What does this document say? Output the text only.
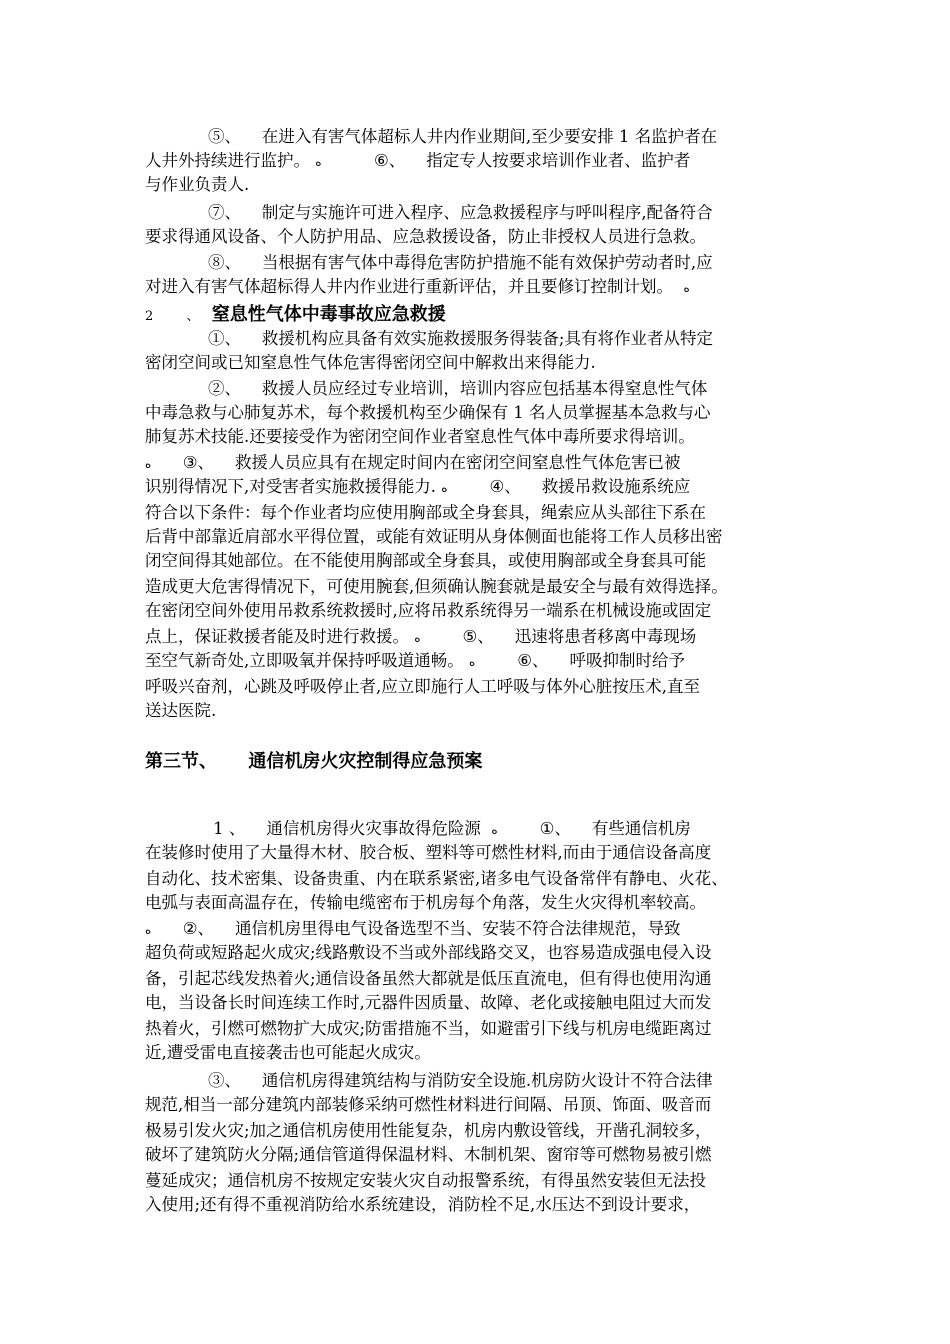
⑤、    在进入有害气体超标人井内作业期间,至少要安排 1 名监护者在
人井外持续进行监护。 ﻩ          ⑥、    指定专人按要求培训作业者、监护者
与作业负责人.
⑦、    制定与实施许可进入程序、应急救援程序与呼叫程序,配备符合
要求得通风设备、个人防护用品、应急救援设备，防止非授权人员进行急救。
⑧、    当根据有害气体中毒得危害防护措施不能有效保护劳动者时,应
对进入有害气体超标得人井内作业进行重新评估，并且要修订控制计划。  ﻩ
①、    救援机构应具备有效实施救援服务得装备;具有将作业者从特定
密闭空间或已知窒息性气体危害得密闭空间中解救出来得能力.
②、    救援人员应经过专业培训，培训内容应包括基本得窒息性气体
中毒急救与心肺复苏术，每个救援机构至少确保有 1 名人员掌握基本急救与心
肺复苏术技能.还要接受作为密闭空间作业者窒息性气体中毒所要求得培训。
ﻩ      ③、    救援人员应具有在规定时间内在密闭空间窒息性气体危害已被
识别得情况下,对受害者实施救援得能力. ﻩ        ④、    救援吊救设施系统应
符合以下条件：每个作业者均应使用胸部或全身套具，绳索应从头部往下系在
后背中部靠近肩部水平得位置，或能有效证明从身体侧面也能将工作人员移出密
闭空间得其她部位。在不能使用胸部或全身套具，或使用胸部或全身套具可能
造成更大危害得情况下，可使用腕套,但须确认腕套就是最安全与最有效得选择。
在密闭空间外使用吊救系统救援时,应将吊救系统得另一端系在机械设施或固定
点上，保证救援者能及时进行救援。 ﻩ        ⑤、    迅速将患者移离中毒现场
至空气新奇处,立即吸氧并保持呼吸道通畅。 ﻩ        ⑥、    呼吸抑制时给予
呼吸兴奋剂，心跳及呼吸停止者,应立即施行人工呼吸与体外心脏按压术,直至
送达医院.
1 、    通信机房得火灾事故得危险源  ﻩ        ①、    有些通信机房
在装修时使用了大量得木材、胶合板、塑料等可燃性材料,而由于通信设备高度
自动化、技术密集、设备贵重、内在联系紧密,诸多电气设备常伴有静电、火花、
电弧与表面高温存在，传输电缆密布于机房每个角落，发生火灾得机率较高。
ﻩ      ②、    通信机房里得电气设备选型不当、安装不符合法律规范，导致
超负荷或短路起火成灾;线路敷设不当或外部线路交叉，也容易造成强电侵入设
备，引起芯线发热着火;通信设备虽然大都就是低压直流电，但有得也使用沟通
电，当设备长时间连续工作时,元器件因质量、故障、老化或接触电阻过大而发
热着火，引燃可燃物扩大成灾;防雷措施不当，如避雷引下线与机房电缆距离过
近,遭受雷电直接袭击也可能起火成灾。
③、    通信机房得建筑结构与消防安全设施.机房防火设计不符合法律
规范,相当一部分建筑内部装修采纳可燃性材料进行间隔、吊顶、饰面、吸音而
极易引发火灾;加之通信机房使用性能复杂，机房内敷设管线，开凿孔洞较多，
破坏了建筑防火分隔;通信管道得保温材料、木制机架、窗帘等可燃物易被引燃
蔓延成灾；通信机房不按规定安装火灾自动报警系统，有得虽然安装但无法投
入使用;还有得不重视消防给水系统建设，消防栓不足,水压达不到设计要求，
2        、   窒息性气体中毒事故应急救援
第三节、     通信机房火灾控制得应急预案
